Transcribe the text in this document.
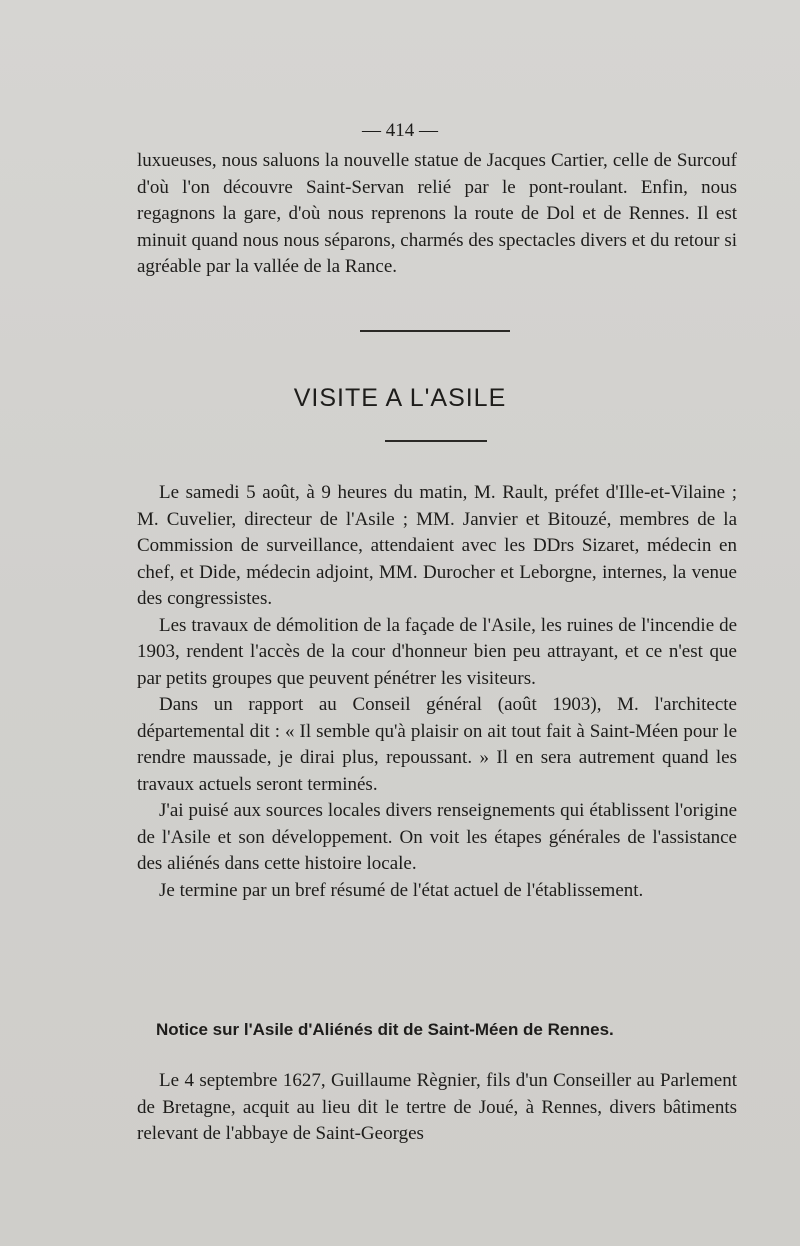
— 414 —

luxueuses, nous saluons la nouvelle statue de Jacques Cartier, celle de Surcouf d'où l'on découvre Saint-Servan relié par le pont-roulant. Enfin, nous regagnons la gare, d'où nous reprenons la route de Dol et de Rennes. Il est minuit quand nous nous séparons, charmés des spectacles divers et du retour si agréable par la vallée de la Rance.

VISITE A L'ASILE

Le samedi 5 août, à 9 heures du matin, M. Rault, préfet d'Ille-et-Vilaine ; M. Cuvelier, directeur de l'Asile ; MM. Janvier et Bitouzé, membres de la Commission de surveillance, attendaient avec les DDrs Sizaret, médecin en chef, et Dide, médecin adjoint, MM. Durocher et Leborgne, internes, la venue des congressistes.

Les travaux de démolition de la façade de l'Asile, les ruines de l'incendie de 1903, rendent l'accès de la cour d'honneur bien peu attrayant, et ce n'est que par petits groupes que peuvent pénétrer les visiteurs.

Dans un rapport au Conseil général (août 1903), M. l'architecte départemental dit : « Il semble qu'à plaisir on ait tout fait à Saint-Méen pour le rendre maussade, je dirai plus, repoussant. » Il en sera autrement quand les travaux actuels seront terminés.

J'ai puisé aux sources locales divers renseignements qui établissent l'origine de l'Asile et son développement. On voit les étapes générales de l'assistance des aliénés dans cette histoire locale.

Je termine par un bref résumé de l'état actuel de l'établissement.

Notice sur l'Asile d'Aliénés dit de Saint-Méen de Rennes.

Le 4 septembre 1627, Guillaume Règnier, fils d'un Conseiller au Parlement de Bretagne, acquit au lieu dit le tertre de Joué, à Rennes, divers bâtiments relevant de l'abbaye de Saint-Georges
